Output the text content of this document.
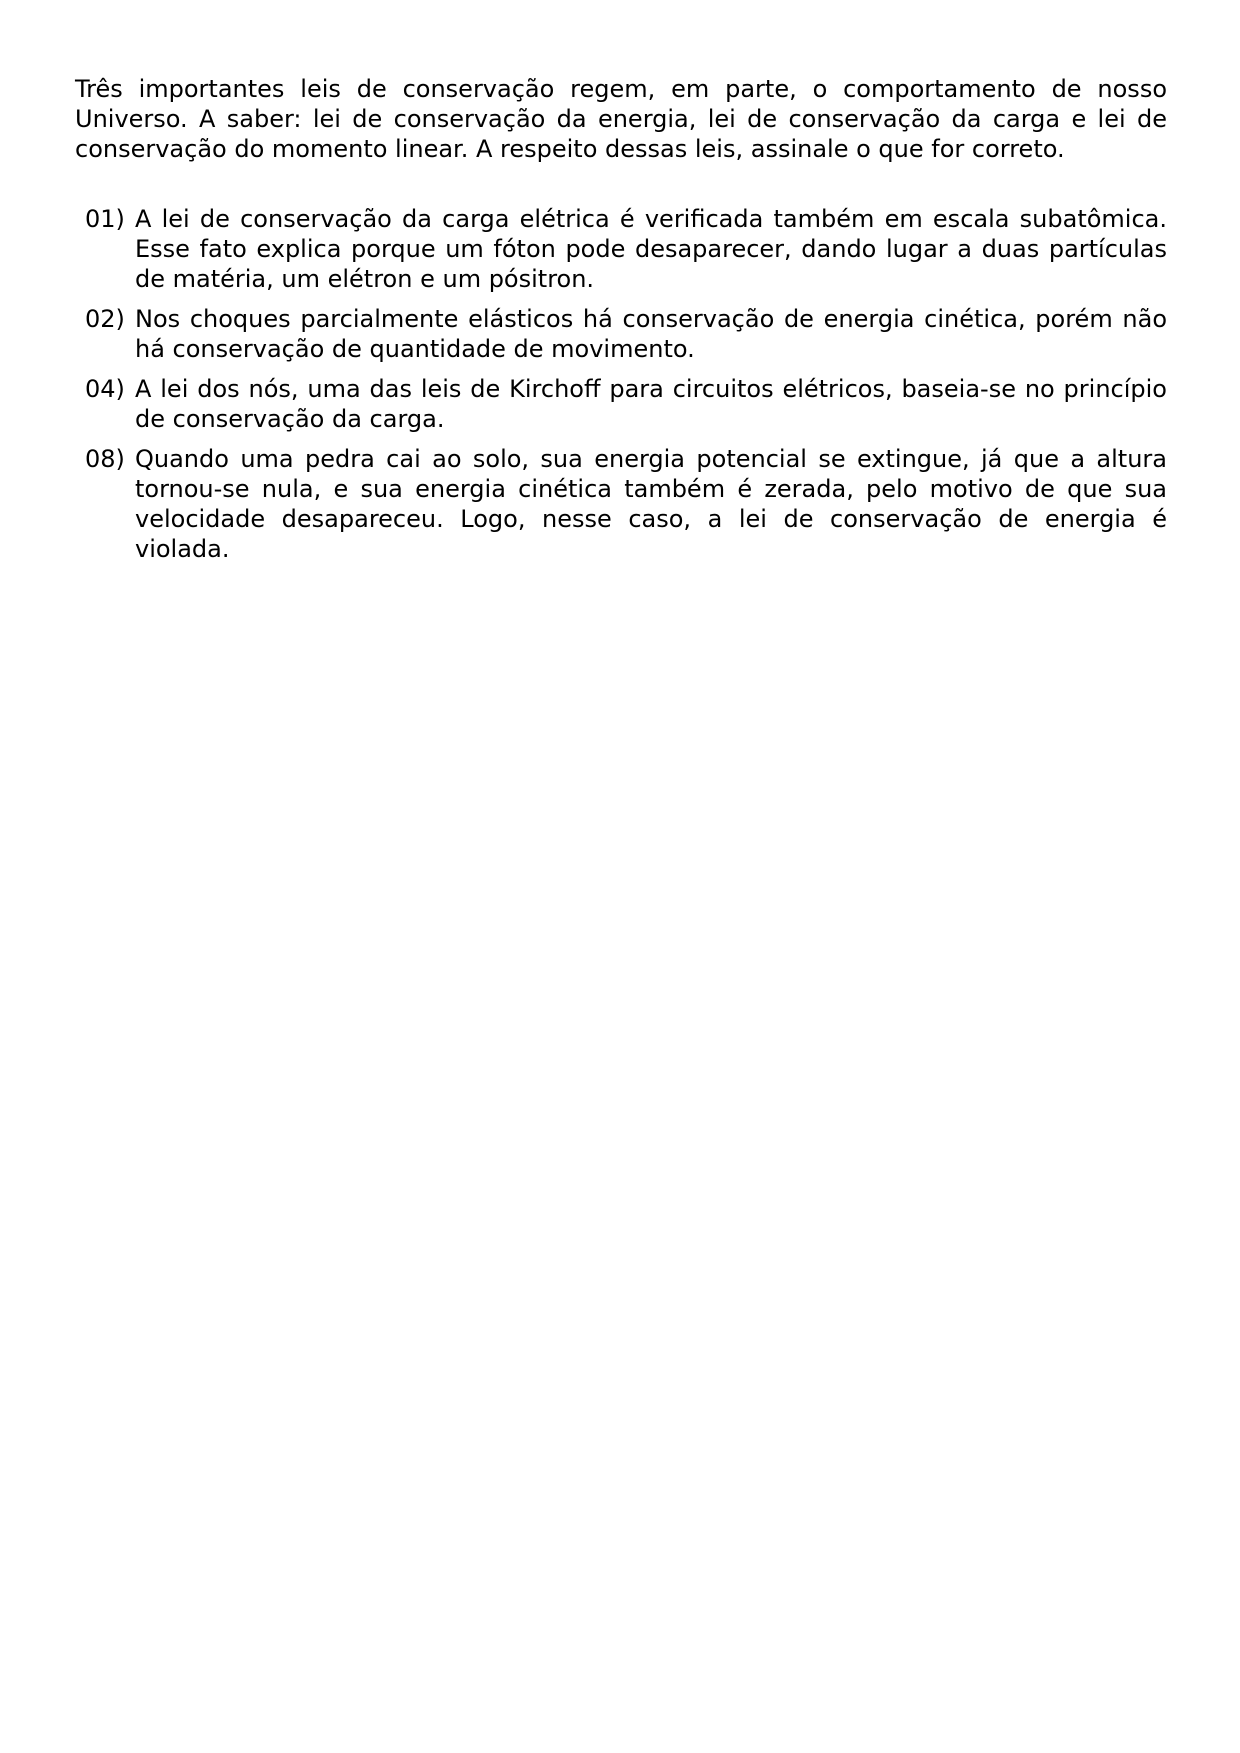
Três importantes leis de conservação regem, em parte, o comportamento de nosso Universo. A saber: lei de conservação da energia, lei de conservação da carga e lei de conservação do momento linear. A respeito dessas leis, assinale o que for correto.

01) A lei de conservação da carga elétrica é verificada também em escala subatômica. Esse fato explica porque um fóton pode desaparecer, dando lugar a duas partículas de matéria, um elétron e um pósitron.

02) Nos choques parcialmente elásticos há conservação de energia cinética, porém não há conservação de quantidade de movimento.

04) A lei dos nós, uma das leis de Kirchoff para circuitos elétricos, baseia-se no princípio de conservação da carga.

08) Quando uma pedra cai ao solo, sua energia potencial se extingue, já que a altura tornou-se nula, e sua energia cinética também é zerada, pelo motivo de que sua velocidade desapareceu. Logo, nesse caso, a lei de conservação de energia é violada.
